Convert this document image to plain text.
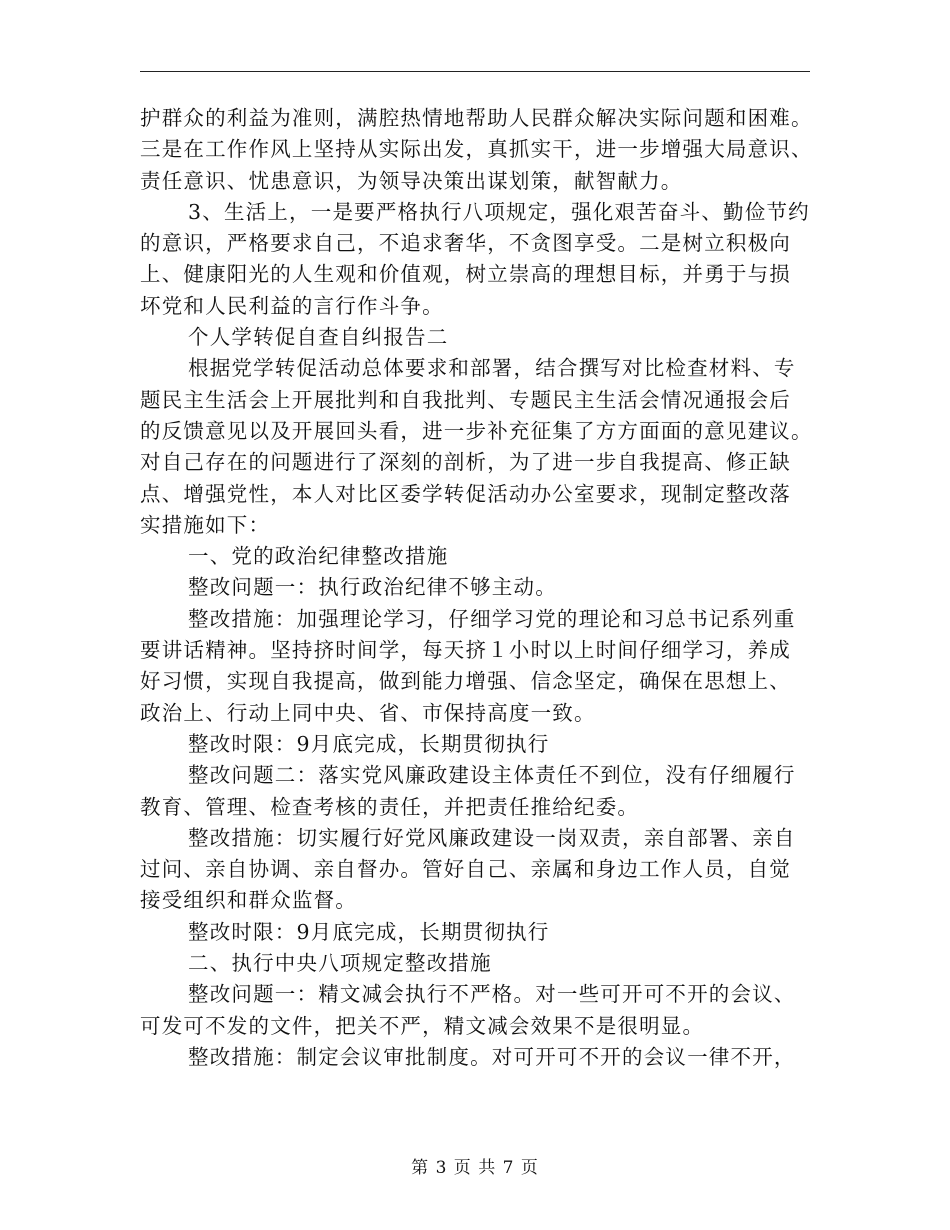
护群众的利益为准则，满腔热情地帮助人民群众解决实际问题和困难。

三是在工作作风上坚持从实际出发，真抓实干，进一步增强大局意识、

责任意识、忧患意识，为领导决策出谋划策，献智献力。

3、生活上，一是要严格执行八项规定，强化艰苦奋斗、勤俭节约

的意识，严格要求自己，不追求奢华，不贪图享受。二是树立积极向

上、健康阳光的人生观和价值观，树立崇高的理想目标，并勇于与损

坏党和人民利益的言行作斗争。

个人学转促自查自纠报告二

根据党学转促活动总体要求和部署，结合撰写对比检查材料、专

题民主生活会上开展批判和自我批判、专题民主生活会情况通报会后

的反馈意见以及开展回头看，进一步补充征集了方方面面的意见建议。

对自己存在的问题进行了深刻的剖析，为了进一步自我提高、修正缺

点、增强党性，本人对比区委学转促活动办公室要求，现制定整改落

实措施如下：

一、党的政治纪律整改措施

整改问题一：执行政治纪律不够主动。

整改措施：加强理论学习，仔细学习党的理论和习总书记系列重

要讲话精神。坚持挤时间学，每天挤１小时以上时间仔细学习，养成

好习惯，实现自我提高，做到能力增强、信念坚定，确保在思想上、

政治上、行动上同中央、省、市保持高度一致。

整改时限：9月底完成，长期贯彻执行

整改问题二：落实党风廉政建设主体责任不到位，没有仔细履行

教育、管理、检查考核的责任，并把责任推给纪委。

整改措施：切实履行好党风廉政建设一岗双责，亲自部署、亲自

过问、亲自协调、亲自督办。管好自己、亲属和身边工作人员，自觉

接受组织和群众监督。

整改时限：9月底完成，长期贯彻执行

二、执行中央八项规定整改措施

整改问题一：精文减会执行不严格。对一些可开可不开的会议、

可发可不发的文件，把关不严，精文减会效果不是很明显。

整改措施：制定会议审批制度。对可开可不开的会议一律不开，

第 3 页 共 7 页
